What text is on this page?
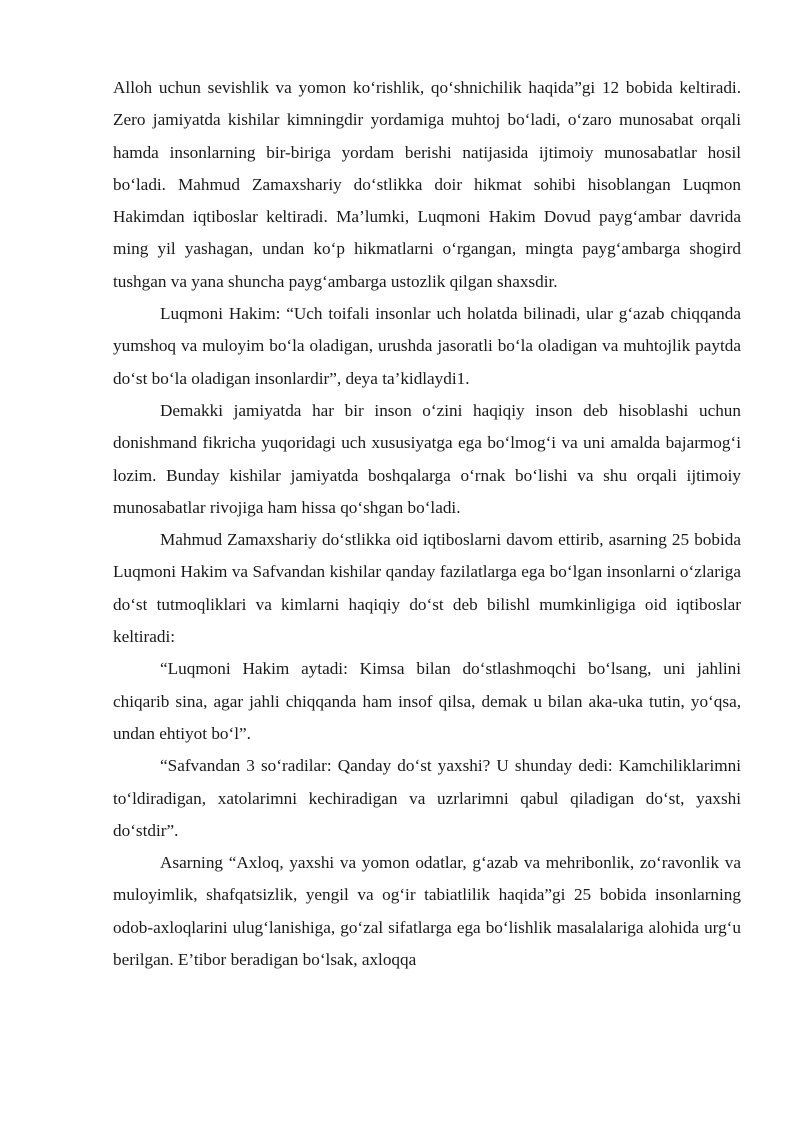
Alloh uchun sevishlik va yomon koʻrishlik, qoʻshnichilik haqida”gi 12 bobida keltiradi. Zero jamiyatda kishilar kimningdir yordamiga muhtoj boʻladi, oʻzaro munosabat orqali hamda insonlarning bir-biriga yordam berishi natijasida ijtimoiy munosabatlar hosil boʻladi. Mahmud Zamaxshariy doʻstlikka doir hikmat sohibi hisoblangan Luqmon Hakimdan iqtiboslar keltiradi. Ma’lumki, Luqmoni Hakim Dovud paygʻambar davrida ming yil yashagan, undan koʻp hikmatlarni oʻrgangan, mingta paygʻambarga shogird tushgan va yana shuncha paygʻambarga ustozlik qilgan shaxsdir.

Luqmoni Hakim: “Uch toifali insonlar uch holatda bilinadi, ular gʻazab chiqqanda yumshoq va muloyim boʻla oladigan, urushda jasoratli boʻla oladigan va muhtojlik paytda doʻst boʻla oladigan insonlardir”, deya ta’kidlaydi1.

Demakki jamiyatda har bir inson oʻzini haqiqiy inson deb hisoblashi uchun donishmand fikricha yuqoridagi uch xususiyatga ega boʻlmogʻi va uni amalda bajarmogʻi lozim. Bunday kishilar jamiyatda boshqalarga oʻrnak boʻlishi va shu orqali ijtimoiy munosabatlar rivojiga ham hissa qoʻshgan boʻladi.

Mahmud Zamaxshariy doʻstlikka oid iqtiboslarni davom ettirib, asarning 25 bobida Luqmoni Hakim va Safvandan kishilar qanday fazilatlarga ega boʻlgan insonlarni oʻzlariga doʻst tutmoqliklari va kimlarni haqiqiy doʻst deb bilishl mumkinligiga oid iqtiboslar keltiradi:

“Luqmoni Hakim aytadi: Kimsa bilan doʻstlashmoqchi boʻlsang, uni jahlini chiqarib sina, agar jahli chiqqanda ham insof qilsa, demak u bilan aka-uka tutin, yoʻqsa, undan ehtiyot boʻl”.

“Safvandan 3 soʻradilar: Qanday doʻst yaxshi? U shunday dedi: Kamchiliklarimni toʻldiradigan, xatolarimni kechiradigan va uzrlarimni qabul qiladigan doʻst, yaxshi doʻstdir”.

Asarning “Axloq, yaxshi va yomon odatlar, gʻazab va mehribonlik, zoʻravonlik va muloyimlik, shafqatsizlik, yengil va ogʻir tabiatlilik haqida”gi 25 bobida insonlarning odob-axloqlarini ulugʻlanishiga, goʻzal sifatlarga ega boʻlishlik masalalariga alohida urgʻu berilgan. E’tibor beradigan boʻlsak, axloqqa
